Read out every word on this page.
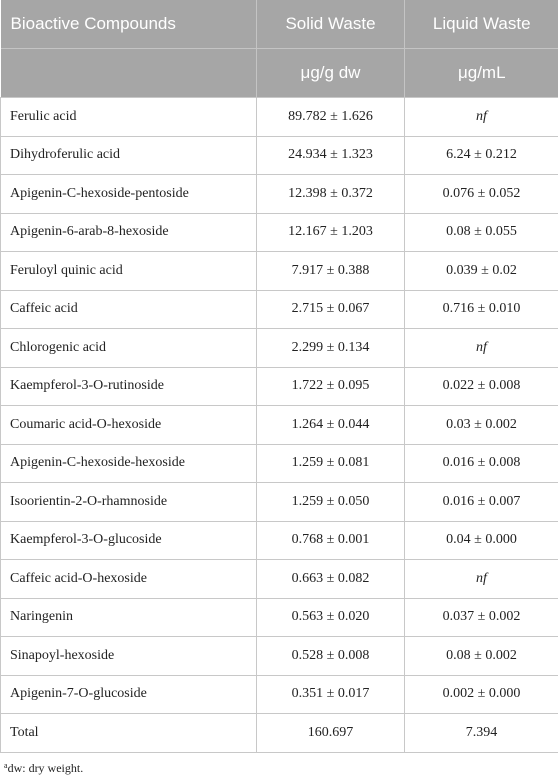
Bioactive Compounds	Solid Waste	Liquid Waste
	μg/g dw	μg/mL
Ferulic acid	89.782 ± 1.626	nf
Dihydroferulic acid	24.934 ± 1.323	6.24 ± 0.212
Apigenin-C-hexoside-pentoside	12.398 ± 0.372	0.076 ± 0.052
Apigenin-6-arab-8-hexoside	12.167 ± 1.203	0.08 ± 0.055
Feruloyl quinic acid	7.917 ± 0.388	0.039 ± 0.02
Caffeic acid	2.715 ± 0.067	0.716 ± 0.010
Chlorogenic acid	2.299 ± 0.134	nf
Kaempferol-3-O-rutinoside	1.722 ± 0.095	0.022 ± 0.008
Coumaric acid-O-hexoside	1.264 ± 0.044	0.03 ± 0.002
Apigenin-C-hexoside-hexoside	1.259 ± 0.081	0.016 ± 0.008
Isoorientin-2-O-rhamnoside	1.259 ± 0.050	0.016 ± 0.007
Kaempferol-3-O-glucoside	0.768 ± 0.001	0.04 ± 0.000
Caffeic acid-O-hexoside	0.663 ± 0.082	nf
Naringenin	0.563 ± 0.020	0.037 ± 0.002
Sinapoyl-hexoside	0.528 ± 0.008	0.08 ± 0.002
Apigenin-7-O-glucoside	0.351 ± 0.017	0.002 ± 0.000
Total	160.697	7.394
$^a$dw: dry weight.
